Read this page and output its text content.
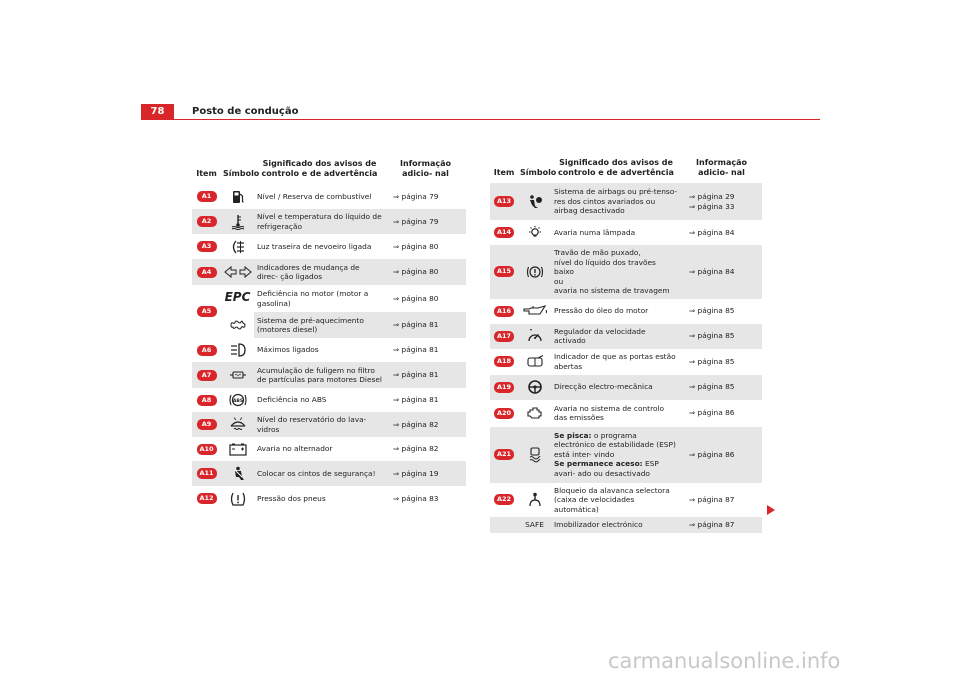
78	Posto de condução
Item	Símbolo	Significado dos avisos de controlo e de advertência	Informação adicio- nal
A1		Nível / Reserva de combustível	⇒ página 79
A2		Nível e temperatura do líquido de refrigeração	⇒ página 79
A3		Luz traseira de nevoeiro ligada	⇒ página 80
A4		Indicadores de mudança de direc- ção ligados	⇒ página 80
A5	EPC	Deficiência no motor (motor a gasolina)	⇒ página 80

	Sistema de pré-aquecimento (motores diesel)	⇒ página 81
A6		Máximos ligados	⇒ página 81
A7		Acumulação de fuligem no filtro de partículas para motores Diesel	⇒ página 81
A8	ABS	Deficiência no ABS	⇒ página 81
A9		Nível do reservatório do lava-vidros	⇒ página 82
A10		Avaria no alternador	⇒ página 82
A11		Colocar os cintos de segurança!	⇒ página 19
A12		Pressão dos pneus	⇒ página 83
Item	Símbolo	Significado dos avisos de controlo e de advertência	Informação adicio- nal
A13		Sistema de airbags ou pré-tenso- res dos cintos avariados ou airbag desactivado	⇒ página 29
⇒ página 33
A14		Avaria numa lâmpada	⇒ página 84
A15		Travão de mão puxado,
nível do líquido dos travões baixo
ou
avaria no sistema de travagem	⇒ página 84
A16		Pressão do óleo do motor	⇒ página 85
A17		Regulador da velocidade activado	⇒ página 85
A18		Indicador de que as portas estão abertas	⇒ página 85
A19		Direcção electro-mecânica	⇒ página 85
A20		Avaria no sistema de controlo das emissões	⇒ página 86
A21		Se pisca: o programa electrónico de estabilidade (ESP) está inter- vindo
Se permanece aceso: ESP avari- ado ou desactivado	⇒ página 86
A22		Bloqueio da alavanca selectora (caixa de velocidades automática)	⇒ página 87
	SAFE	Imobilizador electrónico	⇒ página 87
carmanualsonline.info
